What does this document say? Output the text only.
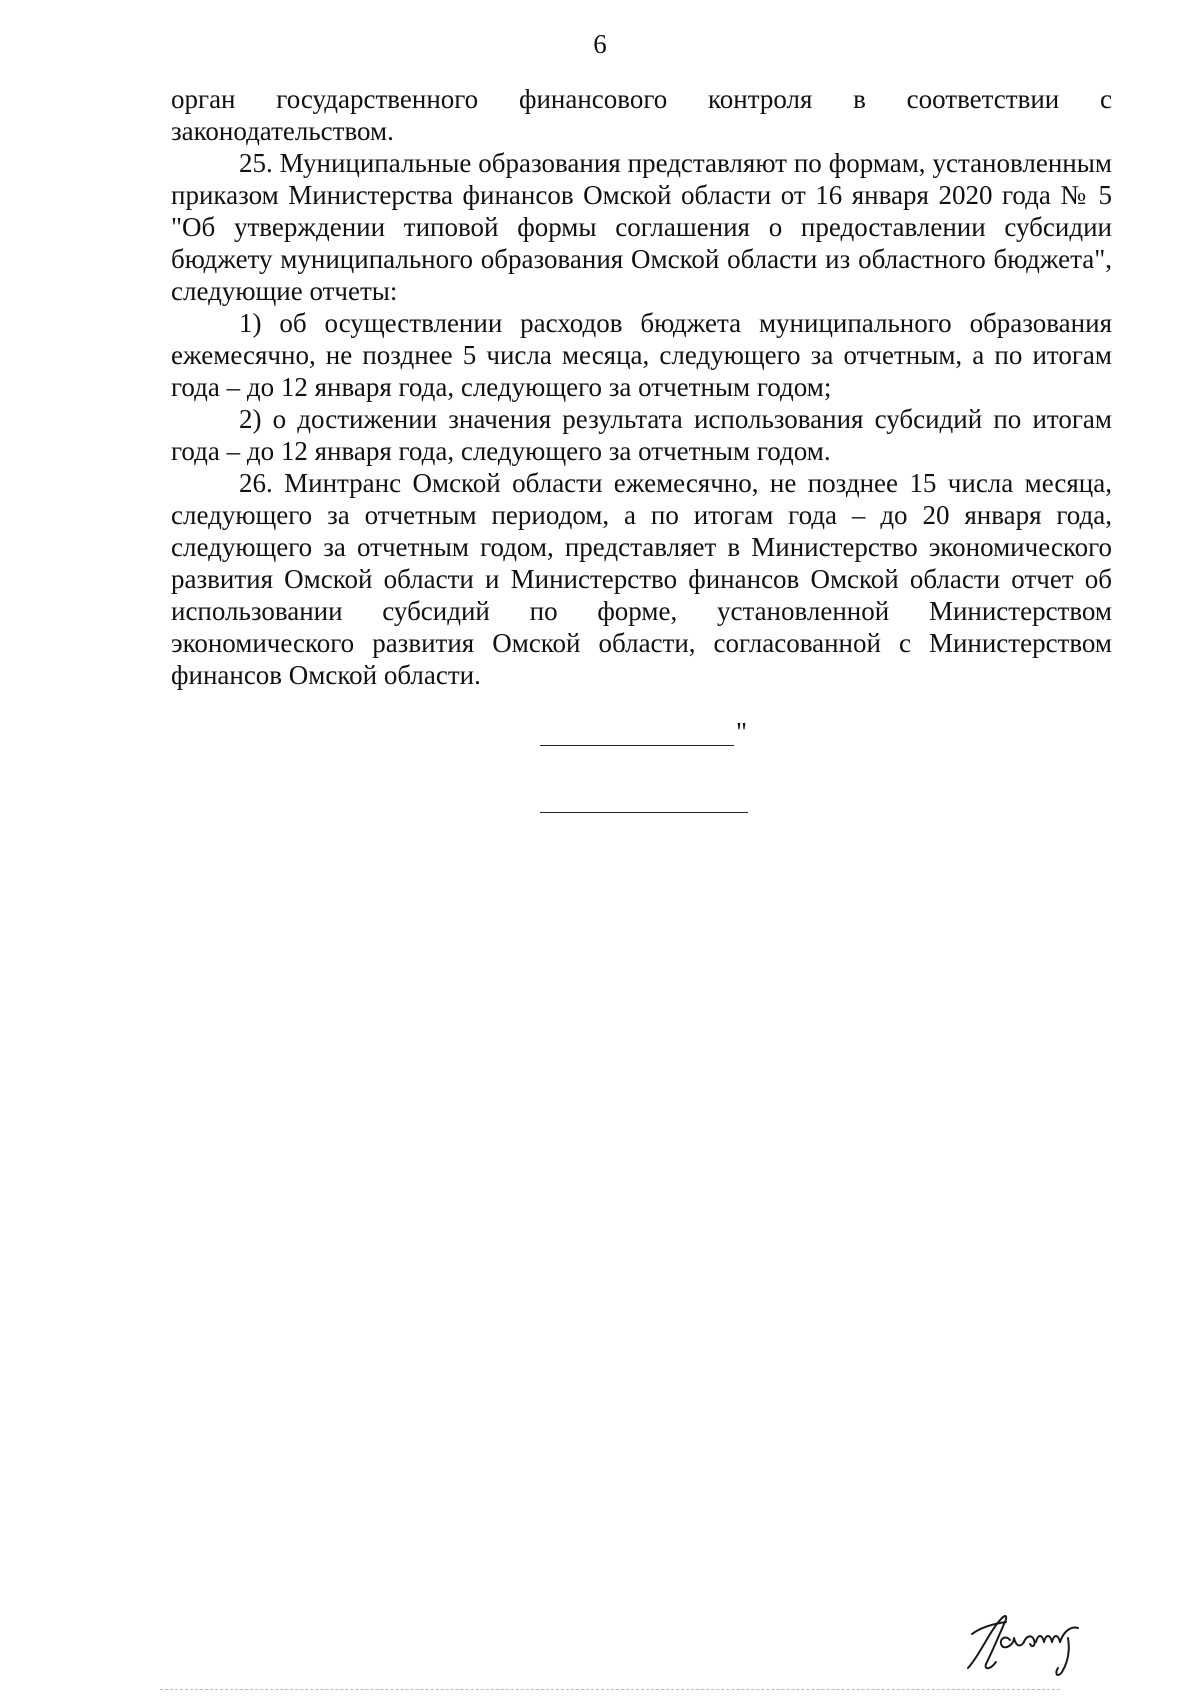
6

орган государственного финансового контроля в соответствии с законодательством.

25. Муниципальные образования представляют по формам, установленным приказом Министерства финансов Омской области от 16 января 2020 года № 5 "Об утверждении типовой формы соглашения о предоставлении субсидии бюджету муниципального образования Омской области из областного бюджета", следующие отчеты:

1) об осуществлении расходов бюджета муниципального образования ежемесячно, не позднее 5 числа месяца, следующего за отчетным, а по итогам года – до 12 января года, следующего за отчетным годом;

2) о достижении значения результата использования субсидий по итогам года – до 12 января года, следующего за отчетным годом.

26. Минтранс Омской области ежемесячно, не позднее 15 числа месяца, следующего за отчетным периодом, а по итогам года – до 20 января года, следующего за отчетным годом, представляет в Министерство экономического развития Омской области и Министерство финансов Омской области отчет об использовании субсидий по форме, установленной Министерством экономического развития Омской области, согласованной с Министерством финансов Омской области.

"
